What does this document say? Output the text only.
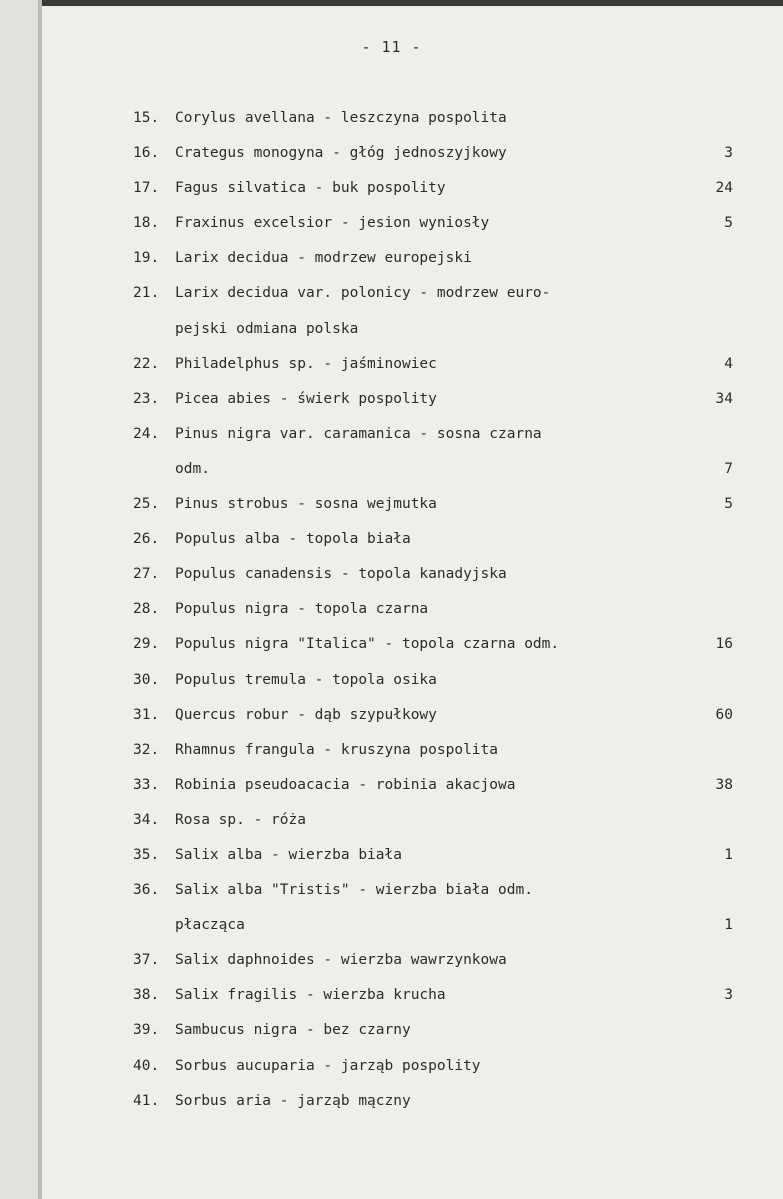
- 11 -
15. Corylus avellana - leszczyna pospolita
16. Crategus monogyna - głóg jednoszyjkowy	3
17. Fagus silvatica - buk pospolity	24
18. Fraxinus excelsior - jesion wyniosły	5
19. Larix decidua - modrzew europejski
21. Larix decidua var. polonicy - modrzew euro-
pejski odmiana polska
22. Philadelphus sp. - jaśminowiec	4
23. Picea abies - świerk pospolity	34
24. Pinus nigra var. caramanica - sosna czarna
odm.	7
25. Pinus strobus - sosna wejmutka	5
26. Populus alba - topola biała
27. Populus canadensis - topola kanadyjska
28. Populus nigra - topola czarna
29. Populus nigra "Italica" - topola czarna odm.	16
30. Populus tremula - topola osika
31. Quercus robur - dąb szypułkowy	60
32. Rhamnus frangula - kruszyna pospolita
33. Robinia pseudoacacia - robinia akacjowa	38
34. Rosa sp. - róża
35. Salix alba - wierzba biała	1
36. Salix alba "Tristis" - wierzba biała odm.
płacząca	1
37. Salix daphnoides - wierzba wawrzynkowa
38. Salix fragilis - wierzba krucha	3
39. Sambucus nigra - bez czarny
40. Sorbus aucuparia - jarząb pospolity
41. Sorbus aria - jarząb mączny
